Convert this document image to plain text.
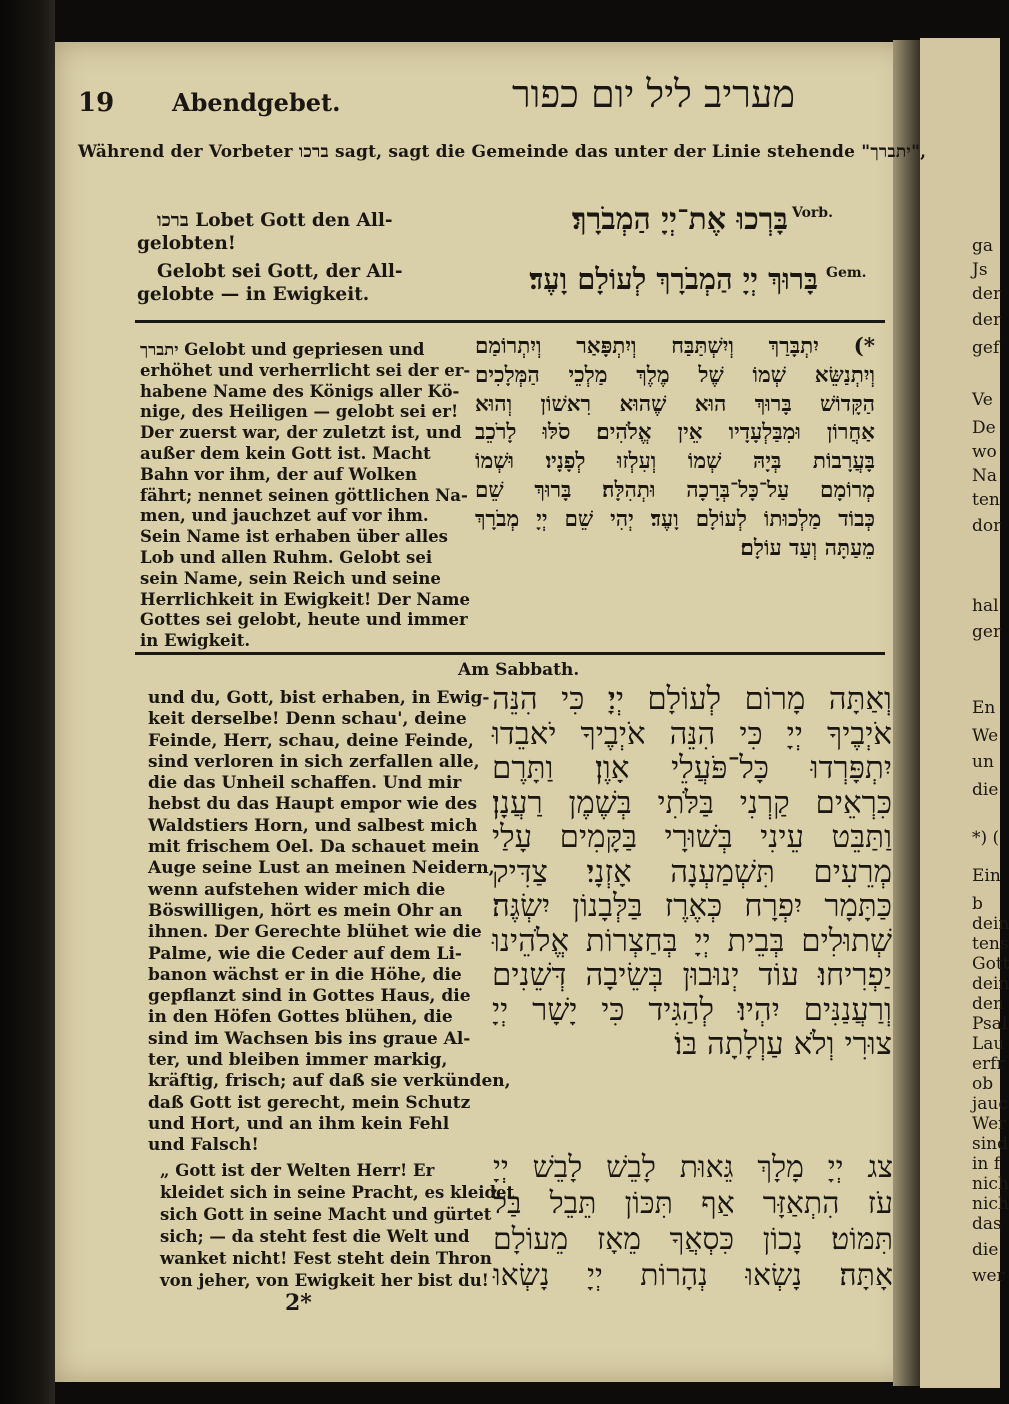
ga
Js
der
der
gef
Ve
De
wo
Na
ten
dor
hal
ger
En
We
un
die
*) (
Ein
b
dein
tens
Gott
dein
den
Psal
Lau
erfr
ob
jauc
Wer
sind
in f
nich
nich
das
die
wer
19 Abendgebet.	מעריב ליל יום כפור
Während der Vorbeter ברכו sagt, sagt die Gemeinde das unter der Linie stehende "יתברך",
ברכו Lobet Gott den All-
gelobten!
Gelobt sei Gott, der All-
gelobte — in Ewigkeit.
Vorb.
בָּרְכוּ אֶת־יְיָ הַמְבֹרָךְ׃
Gem.
בָּרוּךְ יְיָ הַמְבֹרָךְ לְעוֹלָם וָעֶד׃
יתברך Gelobt und gepriesen und
erhöhet und verherrlicht sei der er-
habene Name des Königs aller Kö-
nige, des Heiligen — gelobt sei er!
Der zuerst war, der zuletzt ist, und
außer dem kein Gott ist. Macht
Bahn vor ihm, der auf Wolken
fährt; nennet seinen göttlichen Na-
men, und jauchzet auf vor ihm.
Sein Name ist erhaben über alles
Lob und allen Ruhm. Gelobt sei
sein Name, sein Reich und seine
Herrlichkeit in Ewigkeit! Der Name
Gottes sei gelobt, heute und immer
in Ewigkeit.
*) יִתְבָּרַךְ וְיִשְׁתַּבַּח וְיִתְפָּאַר וְיִתְרוֹמַם
וְיִתְנַשֵּׂא שְׁמוֹ שֶׁל מֶלֶךְ מַלְכֵי הַמְּלָכִים
הַקָּדוֹשׁ בָּרוּךְ הוּא שֶׁהוּא רִאשׁוֹן וְהוּא
אַחֲרוֹן וּמִבַּלְעָדָיו אֵין אֱלֹהִים׃ סֹלּוּ לָרֹכֵב
בָּעֲרָבוֹת בְּיָהּ שְׁמוֹ וְעִלְזוּ לְפָנָיו׃ וּשְׁמוֹ
מְרוֹמָם עַל־כָּל־בְּרָכָה וּתְהִלָּה׃ בָּרוּךְ שֵׁם
כְּבוֹד מַלְכוּתוֹ לְעוֹלָם וָעֶד׃ יְהִי שֵׁם יְיָ מְבֹרָךְ
מֵעַתָּה וְעַד עוֹלָם׃
Am Sabbath.
und du, Gott, bist erhaben, in Ewig-
keit derselbe! Denn schau', deine
Feinde, Herr, schau, deine Feinde,
sind verloren in sich zerfallen alle,
die das Unheil schaffen. Und mir
hebst du das Haupt empor wie des
Waldstiers Horn, und salbest mich
mit frischem Oel. Da schauet mein
Auge seine Lust an meinen Neidern,
wenn aufstehen wider mich die
Böswilligen, hört es mein Ohr an
ihnen. Der Gerechte blühet wie die
Palme, wie die Ceder auf dem Li-
banon wächst er in die Höhe, die
gepflanzt sind in Gottes Haus, die
in den Höfen Gottes blühen, die
sind im Wachsen bis ins graue Al-
ter, und bleiben immer markig,
kräftig, frisch; auf daß sie verkünden,
daß Gott ist gerecht, mein Schutz
und Hort, und an ihm kein Fehl
und Falsch!
וְאַתָּה מָרוֹם לְעוֹלָם יְיָ׃ כִּי הִנֵּה
אֹיְבֶיךָ יְיָ כִּי הִנֵּה אֹיְבֶיךָ יֹאבֵדוּ
יִתְפָּרְדוּ כָּל־פֹּעֲלֵי אָוֶן׃ וַתָּרֶם
כִּרְאֵים קַרְנִי בַּלֹּתִי בְּשֶׁמֶן רַעֲנָן׃
וַתַּבֵּט עֵינִי בְּשׁוּרָי בַּקָּמִים עָלַי
מְרֵעִים תִּשְׁמַעְנָה אָזְנָי׃ צַדִּיק
כַּתָּמָר יִפְרָח כְּאֶרֶז בַּלְּבָנוֹן יִשְׂגֶּה׃
שְׁתוּלִים בְּבֵית יְיָ בְּחַצְרוֹת אֱלֹהֵינוּ
יַפְרִיחוּ׃ עוֹד יְנוּבוּן בְּשֵׂיבָה דְּשֵׁנִים
וְרַעֲנַנִּים יִהְיוּ׃ לְהַגִּיד כִּי יָשָׁר יְיָ
צוּרִי וְלֹא עַוְלָתָה בּוֹ׃
„ Gott ist der Welten Herr! Er
kleidet sich in seine Pracht, es kleidet
sich Gott in seine Macht und gürtet
sich; — da steht fest die Welt und
wanket nicht! Fest steht dein Thron
von jeher, von Ewigkeit her bist du!
צג יְיָ מָלָךְ גֵּאוּת לָבֵשׁ לָבֵשׁ יְיָ
עֹז הִתְאַזָּר אַף תִּכּוֹן תֵּבֵל בַּל
תִּמּוֹט׃ נָכוֹן כִּסְאֲךָ מֵאָז מֵעוֹלָם
אָתָּה׃ נָשְׂאוּ נְהָרוֹת יְיָ נָשְׂאוּ
2*
